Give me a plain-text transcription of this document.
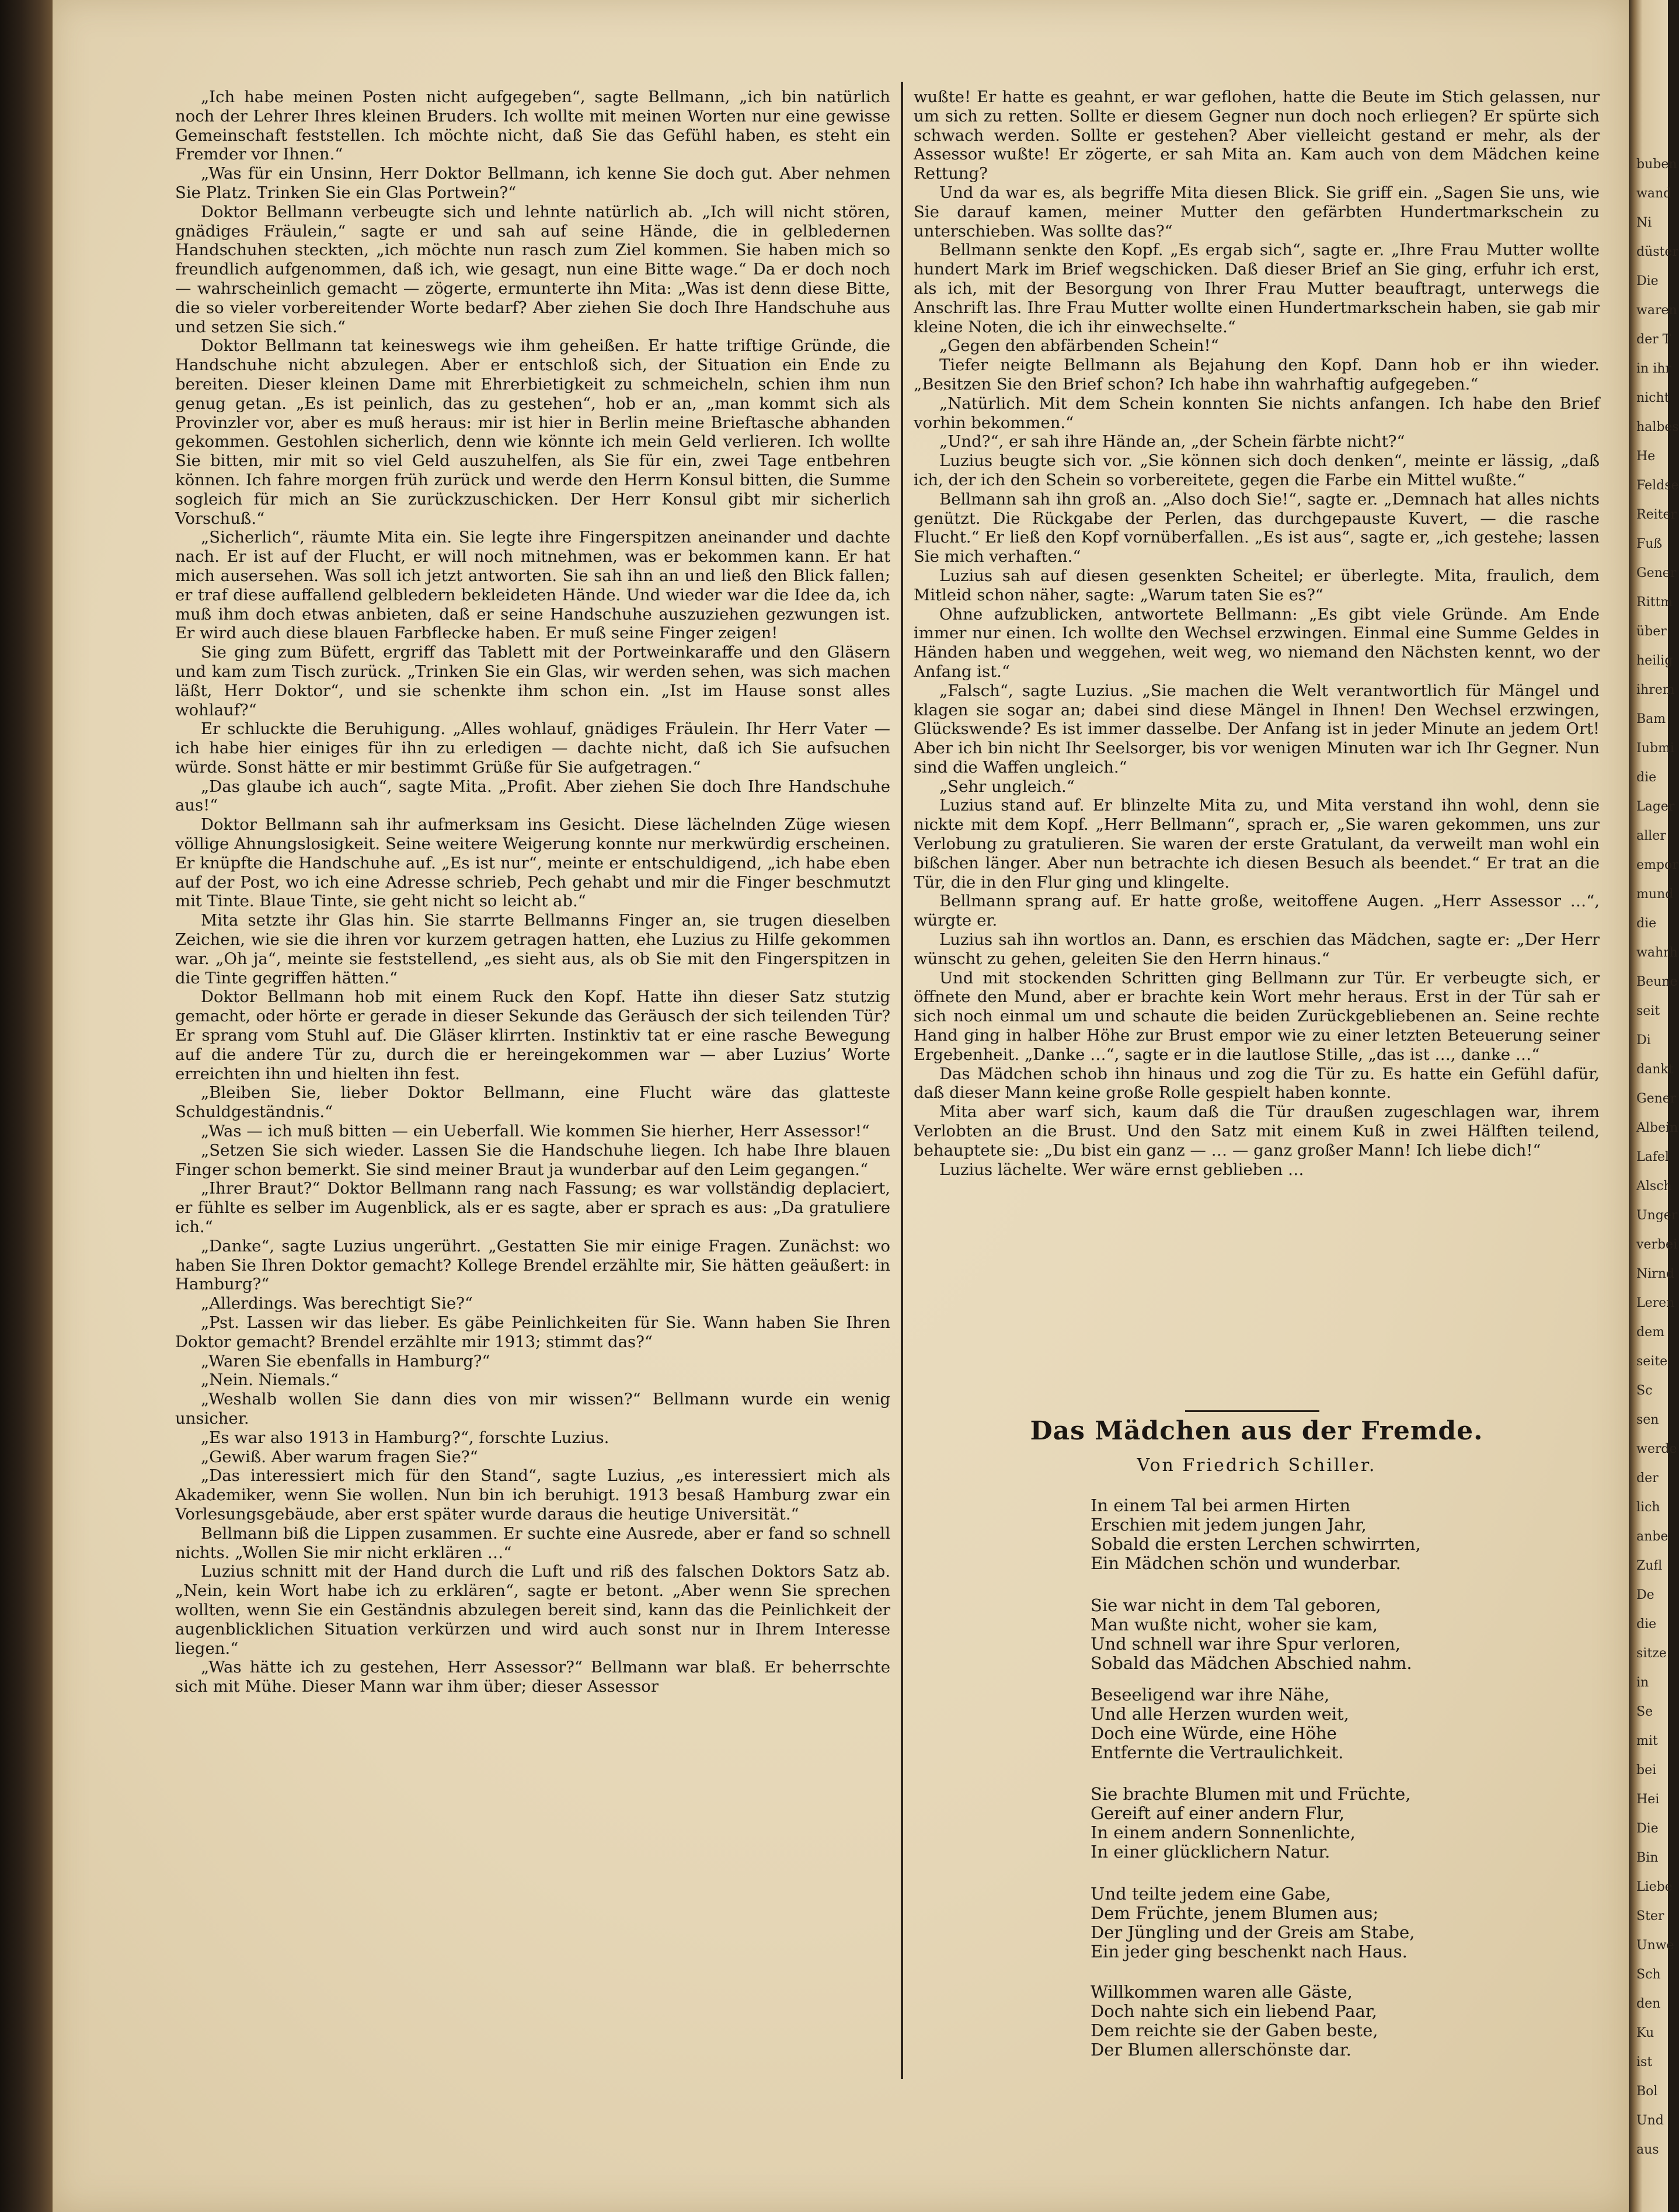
„Ich habe meinen Posten nicht aufgegeben“, sagte Bellmann, „ich bin natürlich noch der Lehrer Ihres kleinen Bruders. Ich wollte mit meinen Worten nur eine gewisse Gemeinschaft feststellen. Ich möchte nicht, daß Sie das Gefühl haben, es steht ein Fremder vor Ihnen.“

„Was für ein Unsinn, Herr Doktor Bellmann, ich kenne Sie doch gut. Aber nehmen Sie Platz. Trinken Sie ein Glas Portwein?“

Doktor Bellmann verbeugte sich und lehnte natürlich ab. „Ich will nicht stören, gnädiges Fräulein,“ sagte er und sah auf seine Hände, die in gelbledernen Handschuhen steckten, „ich möchte nun rasch zum Ziel kommen. Sie haben mich so freundlich aufgenommen, daß ich, wie gesagt, nun eine Bitte wage.“ Da er doch noch — wahrscheinlich gemacht — zögerte, ermunterte ihn Mita: „Was ist denn diese Bitte, die so vieler vorbereitender Worte bedarf? Aber ziehen Sie doch Ihre Handschuhe aus und setzen Sie sich.“

Doktor Bellmann tat keineswegs wie ihm geheißen. Er hatte triftige Gründe, die Handschuhe nicht abzulegen. Aber er entschloß sich, der Situation ein Ende zu bereiten. Dieser kleinen Dame mit Ehrerbietigkeit zu schmeicheln, schien ihm nun genug getan. „Es ist peinlich, das zu gestehen“, hob er an, „man kommt sich als Provinzler vor, aber es muß heraus: mir ist hier in Berlin meine Brieftasche abhanden gekommen. Gestohlen sicherlich, denn wie könnte ich mein Geld verlieren. Ich wollte Sie bitten, mir mit so viel Geld auszuhelfen, als Sie für ein, zwei Tage entbehren können. Ich fahre morgen früh zurück und werde den Herrn Konsul bitten, die Summe sogleich für mich an Sie zurückzuschicken. Der Herr Konsul gibt mir sicherlich Vorschuß.“

„Sicherlich“, räumte Mita ein. Sie legte ihre Fingerspitzen aneinander und dachte nach. Er ist auf der Flucht, er will noch mitnehmen, was er bekommen kann. Er hat mich ausersehen. Was soll ich jetzt antworten. Sie sah ihn an und ließ den Blick fallen; er traf diese auffallend gelbledern bekleideten Hände. Und wieder war die Idee da, ich muß ihm doch etwas anbieten, daß er seine Handschuhe auszuziehen gezwungen ist. Er wird auch diese blauen Farbflecke haben. Er muß seine Finger zeigen!

Sie ging zum Büfett, ergriff das Tablett mit der Portweinkaraffe und den Gläsern und kam zum Tisch zurück. „Trinken Sie ein Glas, wir werden sehen, was sich machen läßt, Herr Doktor“, und sie schenkte ihm schon ein. „Ist im Hause sonst alles wohlauf?“

Er schluckte die Beruhigung. „Alles wohlauf, gnädiges Fräulein. Ihr Herr Vater — ich habe hier einiges für ihn zu erledigen — dachte nicht, daß ich Sie aufsuchen würde. Sonst hätte er mir bestimmt Grüße für Sie aufgetragen.“

„Das glaube ich auch“, sagte Mita. „Profit. Aber ziehen Sie doch Ihre Handschuhe aus!“

Doktor Bellmann sah ihr aufmerksam ins Gesicht. Diese lächelnden Züge wiesen völlige Ahnungslosigkeit. Seine weitere Weigerung konnte nur merkwürdig erscheinen. Er knüpfte die Handschuhe auf. „Es ist nur“, meinte er entschuldigend, „ich habe eben auf der Post, wo ich eine Adresse schrieb, Pech gehabt und mir die Finger beschmutzt mit Tinte. Blaue Tinte, sie geht nicht so leicht ab.“

Mita setzte ihr Glas hin. Sie starrte Bellmanns Finger an, sie trugen dieselben Zeichen, wie sie die ihren vor kurzem getragen hatten, ehe Luzius zu Hilfe gekommen war. „Oh ja“, meinte sie feststellend, „es sieht aus, als ob Sie mit den Fingerspitzen in die Tinte gegriffen hätten.“

Doktor Bellmann hob mit einem Ruck den Kopf. Hatte ihn dieser Satz stutzig gemacht, oder hörte er gerade in dieser Sekunde das Geräusch der sich teilenden Tür? Er sprang vom Stuhl auf. Die Gläser klirrten. Instinktiv tat er eine rasche Bewegung auf die andere Tür zu, durch die er hereingekommen war — aber Luzius’ Worte erreichten ihn und hielten ihn fest.

„Bleiben Sie, lieber Doktor Bellmann, eine Flucht wäre das glatteste Schuldgeständnis.“

„Was — ich muß bitten — ein Ueberfall. Wie kommen Sie hierher, Herr Assessor!“

„Setzen Sie sich wieder. Lassen Sie die Handschuhe liegen. Ich habe Ihre blauen Finger schon bemerkt. Sie sind meiner Braut ja wunderbar auf den Leim gegangen.“

„Ihrer Braut?“ Doktor Bellmann rang nach Fassung; es war vollständig deplaciert, er fühlte es selber im Augenblick, als er es sagte, aber er sprach es aus: „Da gratuliere ich.“

„Danke“, sagte Luzius ungerührt. „Gestatten Sie mir einige Fragen. Zunächst: wo haben Sie Ihren Doktor gemacht? Kollege Brendel erzählte mir, Sie hätten geäußert: in Hamburg?“

„Allerdings. Was berechtigt Sie?“

„Pst. Lassen wir das lieber. Es gäbe Peinlichkeiten für Sie. Wann haben Sie Ihren Doktor gemacht? Brendel erzählte mir 1913; stimmt das?“

„Waren Sie ebenfalls in Hamburg?“

„Nein. Niemals.“

„Weshalb wollen Sie dann dies von mir wissen?“ Bellmann wurde ein wenig unsicher.

„Es war also 1913 in Hamburg?“, forschte Luzius.

„Gewiß. Aber warum fragen Sie?“

„Das interessiert mich für den Stand“, sagte Luzius, „es interessiert mich als Akademiker, wenn Sie wollen. Nun bin ich beruhigt. 1913 besaß Hamburg zwar ein Vorlesungsgebäude, aber erst später wurde daraus die heutige Universität.“

Bellmann biß die Lippen zusammen. Er suchte eine Ausrede, aber er fand so schnell nichts. „Wollen Sie mir nicht erklären …“

Luzius schnitt mit der Hand durch die Luft und riß des falschen Doktors Satz ab. „Nein, kein Wort habe ich zu erklären“, sagte er betont. „Aber wenn Sie sprechen wollten, wenn Sie ein Geständnis abzulegen bereit sind, kann das die Peinlichkeit der augenblicklichen Situation verkürzen und wird auch sonst nur in Ihrem Interesse liegen.“

„Was hätte ich zu gestehen, Herr Assessor?“ Bellmann war blaß. Er beherrschte sich mit Mühe. Dieser Mann war ihm über; dieser Assessor

wußte! Er hatte es geahnt, er war geflohen, hatte die Beute im Stich gelassen, nur um sich zu retten. Sollte er diesem Gegner nun doch noch erliegen? Er spürte sich schwach werden. Sollte er gestehen? Aber vielleicht gestand er mehr, als der Assessor wußte! Er zögerte, er sah Mita an. Kam auch von dem Mädchen keine Rettung?

Und da war es, als begriffe Mita diesen Blick. Sie griff ein. „Sagen Sie uns, wie Sie darauf kamen, meiner Mutter den gefärbten Hundertmarkschein zu unterschieben. Was sollte das?“

Bellmann senkte den Kopf. „Es ergab sich“, sagte er. „Ihre Frau Mutter wollte hundert Mark im Brief wegschicken. Daß dieser Brief an Sie ging, erfuhr ich erst, als ich, mit der Besorgung von Ihrer Frau Mutter beauftragt, unterwegs die Anschrift las. Ihre Frau Mutter wollte einen Hundertmarkschein haben, sie gab mir kleine Noten, die ich ihr einwechselte.“

„Gegen den abfärbenden Schein!“

Tiefer neigte Bellmann als Bejahung den Kopf. Dann hob er ihn wieder. „Besitzen Sie den Brief schon? Ich habe ihn wahrhaftig aufgegeben.“

„Natürlich. Mit dem Schein konnten Sie nichts anfangen. Ich habe den Brief vorhin bekommen.“

„Und?“, er sah ihre Hände an, „der Schein färbte nicht?“

Luzius beugte sich vor. „Sie können sich doch denken“, meinte er lässig, „daß ich, der ich den Schein so vorbereitete, gegen die Farbe ein Mittel wußte.“

Bellmann sah ihn groß an. „Also doch Sie!“, sagte er. „Demnach hat alles nichts genützt. Die Rückgabe der Perlen, das durchgepauste Kuvert, — die rasche Flucht.“ Er ließ den Kopf vornüberfallen. „Es ist aus“, sagte er, „ich gestehe; lassen Sie mich verhaften.“

Luzius sah auf diesen gesenkten Scheitel; er überlegte. Mita, fraulich, dem Mitleid schon näher, sagte: „Warum taten Sie es?“

Ohne aufzublicken, antwortete Bellmann: „Es gibt viele Gründe. Am Ende immer nur einen. Ich wollte den Wechsel erzwingen. Einmal eine Summe Geldes in Händen haben und weggehen, weit weg, wo niemand den Nächsten kennt, wo der Anfang ist.“

„Falsch“, sagte Luzius. „Sie machen die Welt verantwortlich für Mängel und klagen sie sogar an; dabei sind diese Mängel in Ihnen! Den Wechsel erzwingen, Glückswende? Es ist immer dasselbe. Der Anfang ist in jeder Minute an jedem Ort! Aber ich bin nicht Ihr Seelsorger, bis vor wenigen Minuten war ich Ihr Gegner. Nun sind die Waffen ungleich.“

„Sehr ungleich.“

Luzius stand auf. Er blinzelte Mita zu, und Mita verstand ihn wohl, denn sie nickte mit dem Kopf. „Herr Bellmann“, sprach er, „Sie waren gekommen, uns zur Verlobung zu gratulieren. Sie waren der erste Gratulant, da verweilt man wohl ein bißchen länger. Aber nun betrachte ich diesen Besuch als beendet.“ Er trat an die Tür, die in den Flur ging und klingelte.

Bellmann sprang auf. Er hatte große, weitoffene Augen. „Herr Assessor …“, würgte er.

Luzius sah ihn wortlos an. Dann, es erschien das Mädchen, sagte er: „Der Herr wünscht zu gehen, geleiten Sie den Herrn hinaus.“

Und mit stockenden Schritten ging Bellmann zur Tür. Er verbeugte sich, er öffnete den Mund, aber er brachte kein Wort mehr heraus. Erst in der Tür sah er sich noch einmal um und schaute die beiden Zurückgebliebenen an. Seine rechte Hand ging in halber Höhe zur Brust empor wie zu einer letzten Beteuerung seiner Ergebenheit. „Danke …“, sagte er in die lautlose Stille, „das ist …, danke …“

Das Mädchen schob ihn hinaus und zog die Tür zu. Es hatte ein Gefühl dafür, daß dieser Mann keine große Rolle gespielt haben konnte.

Mita aber warf sich, kaum daß die Tür draußen zugeschlagen war, ihrem Verlobten an die Brust. Und den Satz mit einem Kuß in zwei Hälften teilend, behauptete sie: „Du bist ein ganz — … — ganz großer Mann! Ich liebe dich!“

Luzius lächelte. Wer wäre ernst geblieben …

Das Mädchen aus der Fremde.
Von Friedrich Schiller.
In einem Tal bei armen Hirten
Erschien mit jedem jungen Jahr,
Sobald die ersten Lerchen schwirrten,
Ein Mädchen schön und wunderbar.
Sie war nicht in dem Tal geboren,
Man wußte nicht, woher sie kam,
Und schnell war ihre Spur verloren,
Sobald das Mädchen Abschied nahm.
Beseeligend war ihre Nähe,
Und alle Herzen wurden weit,
Doch eine Würde, eine Höhe
Entfernte die Vertraulichkeit.
Sie brachte Blumen mit und Früchte,
Gereift auf einer andern Flur,
In einem andern Sonnenlichte,
In einer glücklichern Natur.
Und teilte jedem eine Gabe,
Dem Früchte, jenem Blumen aus;
Der Jüngling und der Greis am Stabe,
Ein jeder ging beschenkt nach Haus.
Willkommen waren alle Gäste,
Doch nahte sich ein liebend Paar,
Dem reichte sie der Gaben beste,
Der Blumen allerschönste dar.
buben
wand
Ni
düster
Die
waren
der T
in ihr
nicht
halbes
He
Feldse
Reiter
Fuß
Gener
Rittm
über
heilig
ihrem
Bam
Iubmi
die
Lager
aller
empor
mund
die
wahrh
Beune
seit
Di
dankt
Gener
Albein
Lafel
Alsch
Unger
verbei
Nirnd
Leren
dem
seite
Sc
sen
werde
der
lich
anbe
Zufl
De
die
sitze
in
Se
mit
bei
Hei
Die
Bin
Liebe
Ster
Unwe
Sch
den
Ku
ist
Bol
Und
aus
